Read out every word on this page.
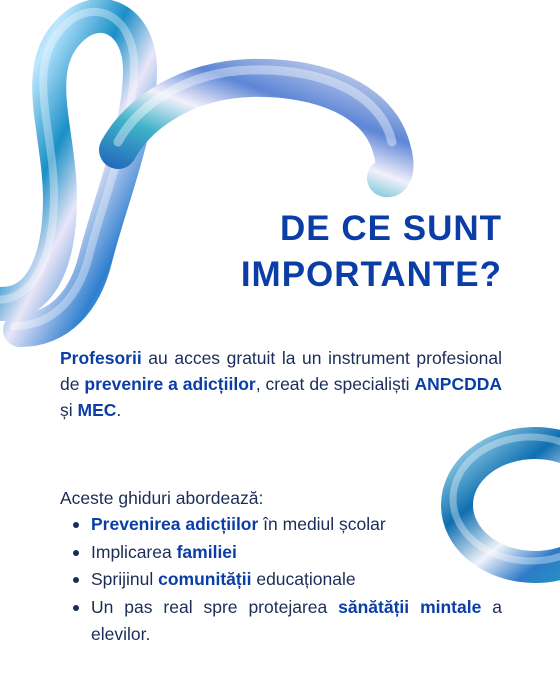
DE CE SUNT
IMPORTANTE?
Profesorii au acces gratuit la un instrument profesional de prevenire a adicțiilor, creat de specialiști ANPCDDA și MEC.
Aceste ghiduri abordează:
Prevenirea adicțiilor în mediul școlar
Implicarea familiei
Sprijinul comunității educaționale
Un pas real spre protejarea sănătății mintale a elevilor.
